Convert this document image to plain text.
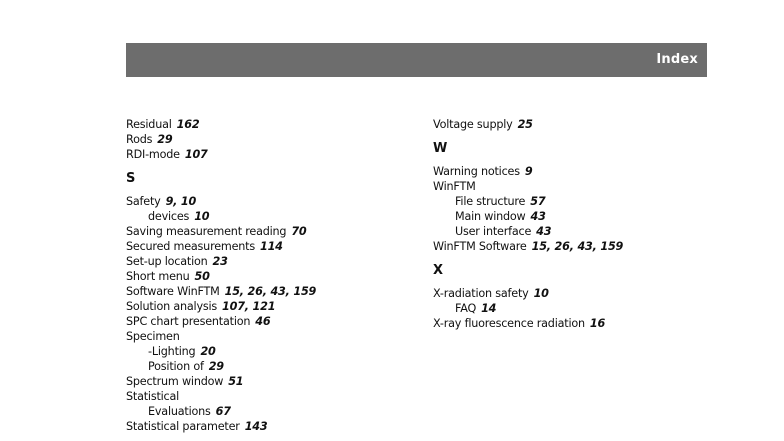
Index
Residual 162
Rods 29
RDI-mode 107
S
Safety 9, 10
devices 10
Saving measurement reading 70
Secured measurements 114
Set-up location 23
Short menu 50
Software WinFTM 15, 26, 43, 159
Solution analysis 107, 121
SPC chart presentation 46
Specimen
-Lighting 20
Position of 29
Spectrum window 51
Statistical
Evaluations 67
Statistical parameter 143
Voltage supply 25
W
Warning notices 9
WinFTM
File structure 57
Main window 43
User interface 43
WinFTM Software 15, 26, 43, 159
X
X-radiation safety 10
FAQ 14
X-ray fluorescence radiation 16
